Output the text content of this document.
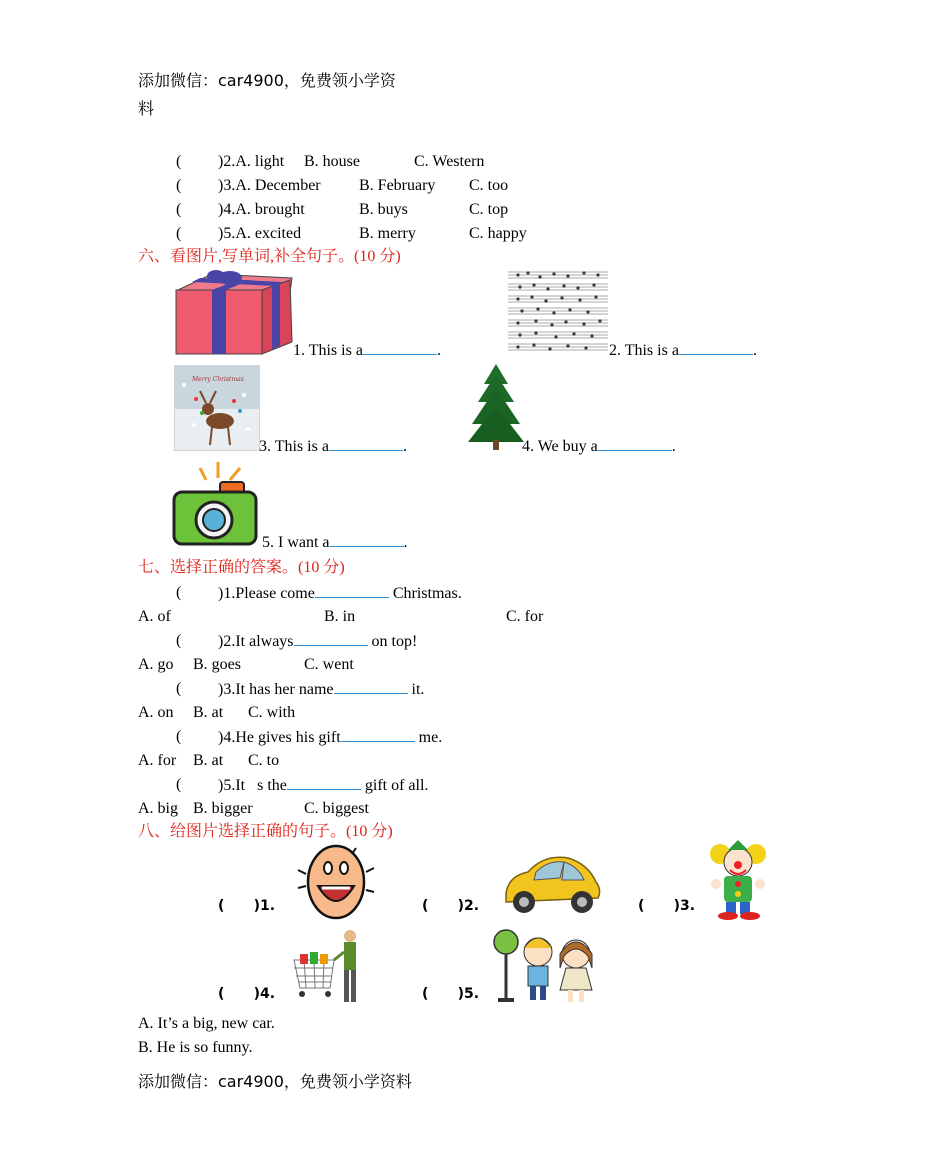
添加微信：car4900，免费领小学资
料
( )2.A. light B. house	C. Western
( )3.A. December B. February C. too
( )4.A. brought	B. buys	C. top
( )5.A. excited	B. merry	C. happy
六、看图片,写单词,补全句子。(10 分)
1. This is a	.	2. This is a	.
Merry Christmas
3. This is a	.	4. We buy a	.
5. I want a	.
七、选择正确的答案。(10 分)
( )1.Please come	Christmas.
A. of	B. in	C. for
( )2.It always	on top!
A. go B. goes	C. went
( )3.It has her name	it.
A. on B. at C. with
( )4.He gives his gift	me.
A. for B. at C. to
( )5.It   s the	gift of all.
A. big B. bigger	C. biggest
八、给图片选择正确的句子。(10 分)
(      )1.	(      )2.	(      )3.
(      )4.	(      )5.
A. It’s a big, new car.
B. He is so funny.
添加微信：car4900，免费领小学资料
